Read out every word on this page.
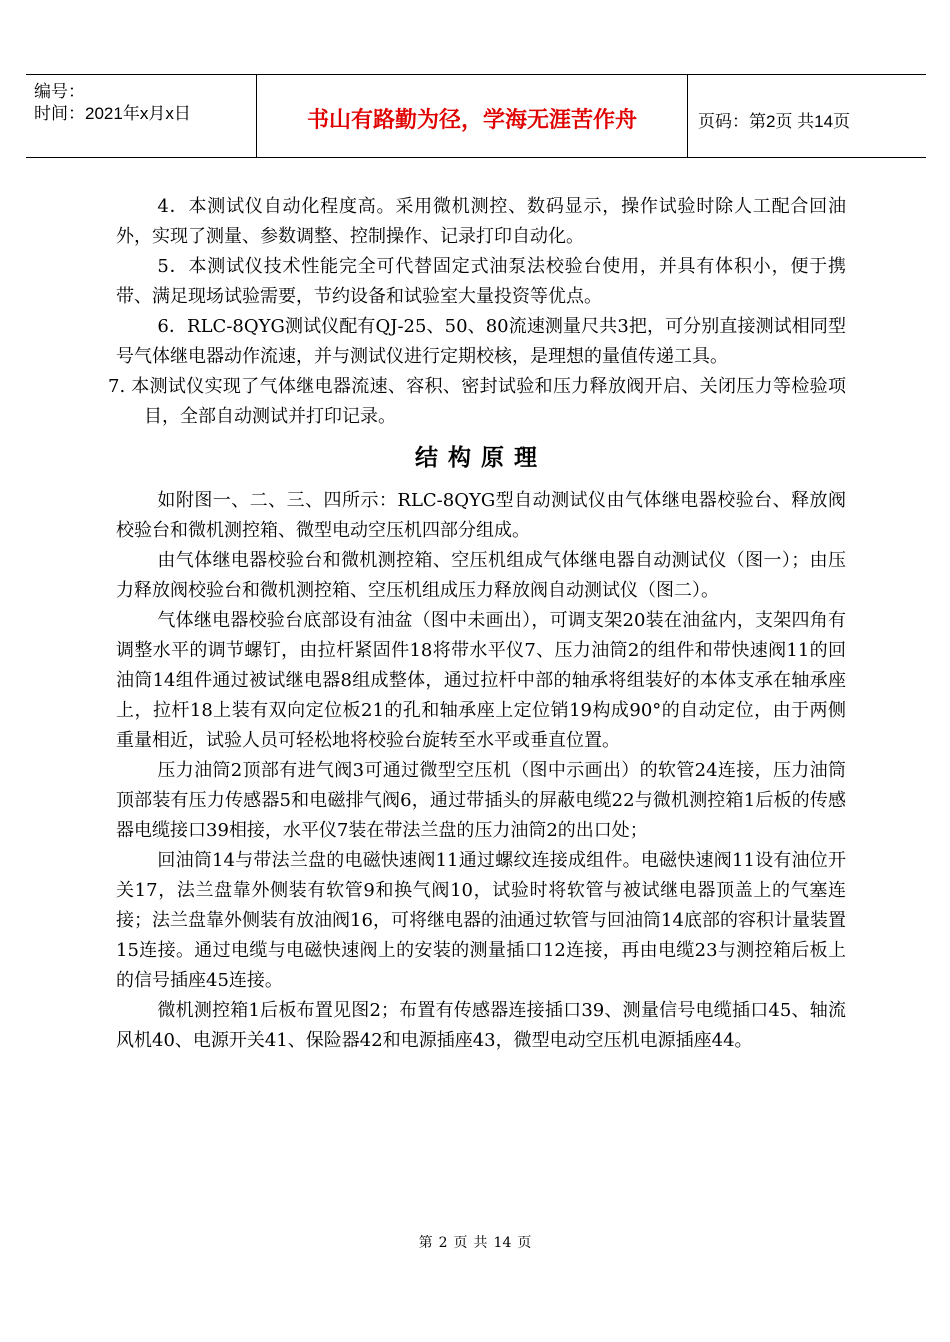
编号：
时间：2021年x月x日	书山有路勤为径，学海无涯苦作舟	页码：第2页 共14页

4．本测试仪自动化程度高。采用微机测控、数码显示，操作试验时除人工配合回油外，实现了测量、参数调整、控制操作、记录打印自动化。

5．本测试仪技术性能完全可代替固定式油泵法校验台使用，并具有体积小，便于携带、满足现场试验需要，节约设备和试验室大量投资等优点。

6．RLC-8QYG测试仪配有QJ-25、50、80流速测量尺共3把，可分别直接测试相同型号气体继电器动作流速，并与测试仪进行定期校核，是理想的量值传递工具。

7. 本测试仪实现了气体继电器流速、容积、密封试验和压力释放阀开启、关闭压力等检验项目，全部自动测试并打印记录。

结构原理

如附图一、二、三、四所示：RLC-8QYG型自动测试仪由气体继电器校验台、释放阀校验台和微机测控箱、微型电动空压机四部分组成。

由气体继电器校验台和微机测控箱、空压机组成气体继电器自动测试仪（图一）；由压力释放阀校验台和微机测控箱、空压机组成压力释放阀自动测试仪（图二）。

气体继电器校验台底部设有油盆（图中未画出），可调支架20装在油盆内，支架四角有调整水平的调节螺钉，由拉杆紧固件18将带水平仪7、压力油筒2的组件和带快速阀11的回油筒14组件通过被试继电器8组成整体，通过拉杆中部的轴承将组装好的本体支承在轴承座上，拉杆18上装有双向定位板21的孔和轴承座上定位销19构成90°的自动定位，由于两侧重量相近，试验人员可轻松地将校验台旋转至水平或垂直位置。

压力油筒2顶部有进气阀3可通过微型空压机（图中示画出）的软管24连接，压力油筒顶部装有压力传感器5和电磁排气阀6，通过带插头的屏蔽电缆22与微机测控箱1后板的传感器电缆接口39相接，水平仪7装在带法兰盘的压力油筒2的出口处；

回油筒14与带法兰盘的电磁快速阀11通过螺纹连接成组件。电磁快速阀11设有油位开关17，法兰盘靠外侧装有软管9和换气阀10，试验时将软管与被试继电器顶盖上的气塞连接；法兰盘靠外侧装有放油阀16，可将继电器的油通过软管与回油筒14底部的容积计量装置15连接。通过电缆与电磁快速阀上的安装的测量插口12连接，再由电缆23与测控箱后板上的信号插座45连接。

微机测控箱1后板布置见图2；布置有传感器连接插口39、测量信号电缆插口45、轴流风机40、电源开关41、保险器42和电源插座43，微型电动空压机电源插座44。

第 2 页 共 14 页
